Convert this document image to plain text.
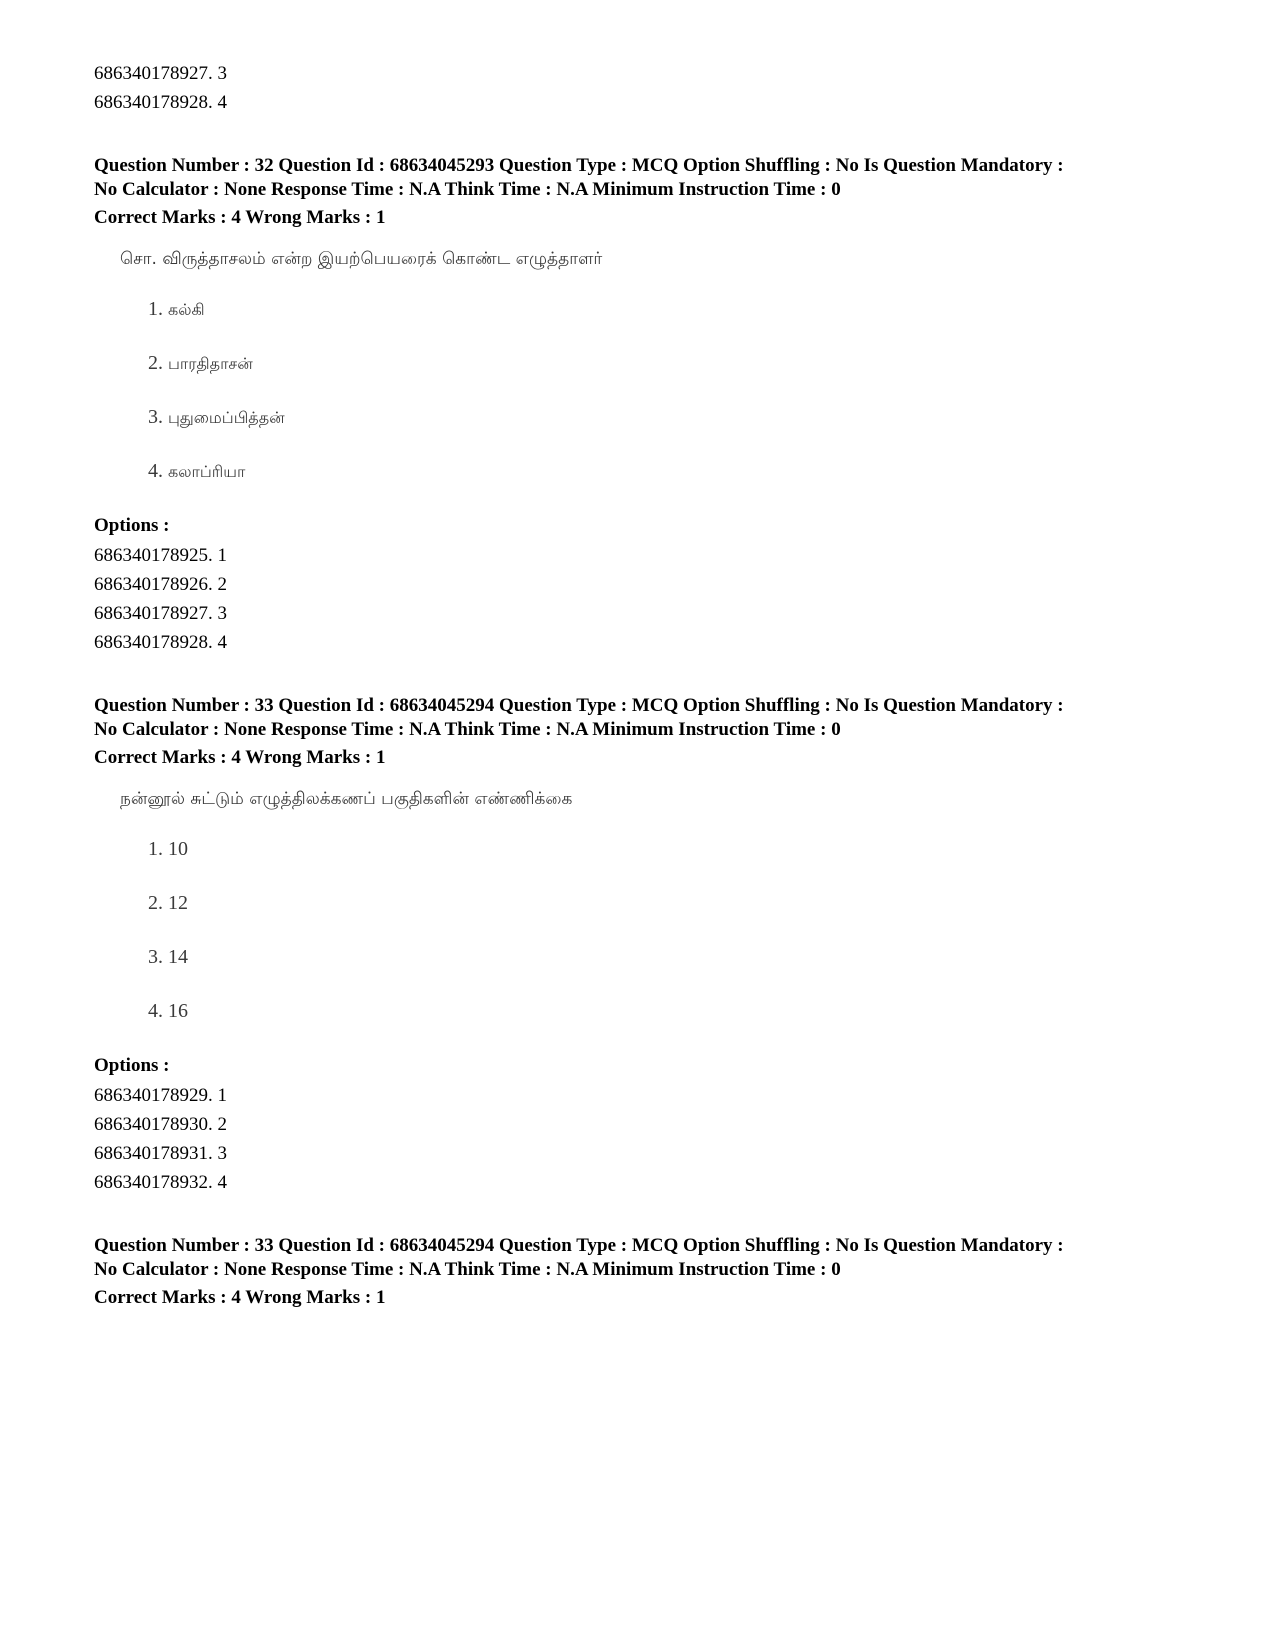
686340178927. 3
686340178928. 4
Question Number : 32 Question Id : 68634045293 Question Type : MCQ Option Shuffling : No Is Question Mandatory :
No Calculator : None Response Time : N.A Think Time : N.A Minimum Instruction Time : 0
Correct Marks : 4 Wrong Marks : 1
சொ. விருத்தாசலம் என்ற இயற்பெயரைக் கொண்ட எழுத்தாளர்
1. கல்கி
2. பாரதிதாசன்
3. புதுமைப்பித்தன்
4. கலாப்ரியா
Options :
686340178925. 1
686340178926. 2
686340178927. 3
686340178928. 4
Question Number : 33 Question Id : 68634045294 Question Type : MCQ Option Shuffling : No Is Question Mandatory :
No Calculator : None Response Time : N.A Think Time : N.A Minimum Instruction Time : 0
Correct Marks : 4 Wrong Marks : 1
நன்னூல் சுட்டும் எழுத்திலக்கணப் பகுதிகளின் எண்ணிக்கை
1. 10
2. 12
3. 14
4. 16
Options :
686340178929. 1
686340178930. 2
686340178931. 3
686340178932. 4
Question Number : 33 Question Id : 68634045294 Question Type : MCQ Option Shuffling : No Is Question Mandatory :
No Calculator : None Response Time : N.A Think Time : N.A Minimum Instruction Time : 0
Correct Marks : 4 Wrong Marks : 1
